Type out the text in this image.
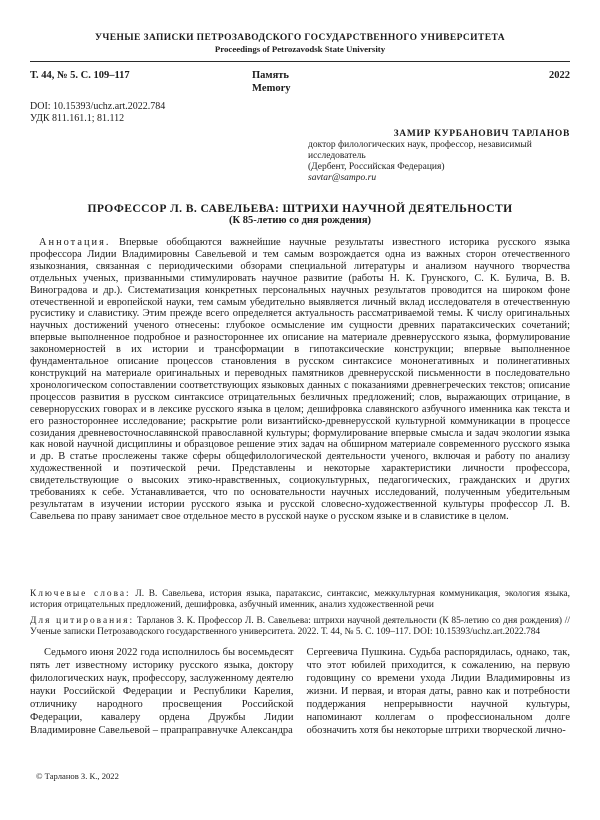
УЧЕНЫЕ ЗАПИСКИ ПЕТРОЗАВОДСКОГО ГОСУДАРСТВЕННОГО УНИВЕРСИТЕТА
Proceedings of Petrozavodsk State University
Т. 44, № 5. С. 109–117	Память
Memory
2022
DOI: 10.15393/uchz.art.2022.784
УДК 811.161.1; 81.112
ЗАМИР КУРБАНОВИЧ ТАРЛАНОВ
доктор филологических наук, профессор, независимый исследователь
(Дербент, Российская Федерация)
savtar@sampo.ru
ПРОФЕССОР Л. В. САВЕЛЬЕВА: ШТРИХИ НАУЧНОЙ ДЕЯТЕЛЬНОСТИ
(К 85-летию со дня рождения)
Аннотация. Впервые обобщаются важнейшие научные результаты известного историка русского языка профессора Лидии Владимировны Савельевой и тем самым возрождается одна из важных сторон отечественного языкознания, связанная с периодическими обзорами специальной литературы и анализом научного творчества отдельных ученых, призванными стимулировать научное развитие (работы Н. К. Грунского, С. К. Булича, В. В. Виноградова и др.). Систематизация конкретных персональных научных результатов проводится на широком фоне отечественной и европейской науки, тем самым убедительно выявляется личный вклад исследователя в отечественную русистику и славистику. Этим прежде всего определяется актуальность рассматриваемой темы. К числу оригинальных научных достижений ученого отнесены: глубокое осмысление им сущности древних паратаксических сочетаний; впервые выполненное подробное и разностороннее их описание на материале древнерусского языка, формулирование закономерностей в их истории и трансформации в гипотаксические конструкции; впервые выполненное фундаментальное описание процессов становления в русском синтаксисе мононегативных и полинегативных конструкций на материале оригинальных и переводных памятников древнерусской письменности в последовательно хронологическом сопоставлении соответствующих языковых данных с показаниями древнегреческих текстов; описание процессов развития в русском синтаксисе отрицательных безличных предложений; слов, выражающих отрицание, в севернорусских говорах и в лексике русского языка в целом; дешифровка славянского азбучного именника как текста и его разностороннее исследование; раскрытие роли византийско-древнерусской культурной коммуникации в процессе созидания древневосточнославянской православной культуры; формулирование впервые смысла и задач экологии языка как новой научной дисциплины и образцовое решение этих задач на обширном материале современного русского языка и др. В статье прослежены также сферы общефилологической деятельности ученого, включая и работу по анализу художественной и поэтической речи. Представлены и некоторые характеристики личности профессора, свидетельствующие о высоких этико-нравственных, социокультурных, педагогических, гражданских и других требованиях к себе. Устанавливается, что по основательности научных исследований, полученным убедительным результатам в изучении истории русского языка и русской словесно-художественной культуры профессор Л. В. Савельева по праву занимает свое отдельное место в русской науке о русском языке и в славистике в целом.
Ключевые слова: Л. В. Савельева, история языка, паратаксис, синтаксис, межкультурная коммуникация, экология языка, история отрицательных предложений, дешифровка, азбучный именник, анализ художественной речи
Для цитирования: Тарланов З. К. Профессор Л. В. Савельева: штрихи научной деятельности (К 85-летию со дня рождения) // Ученые записки Петрозаводского государственного университета. 2022. Т. 44, № 5. С. 109–117. DOI: 10.15393/uchz.art.2022.784
Седьмого июня 2022 года исполнилось бы восемьдесят пять лет известному историку русского языка, доктору филологических наук, профессору, заслуженному деятелю науки Российской Федерации и Республики Карелия, отличнику народного просвещения Российской Федерации, кавалеру ордена Дружбы Лидии Владимировне Савельевой – прапраправнучке Александра
Сергеевича Пушкина. Судьба распорядилась, однако, так, что этот юбилей приходится, к сожалению, на первую годовщину со времени ухода Лидии Владимировны из жизни. И первая, и вторая даты, равно как и потребности поддержания непрерывности научной культуры, напоминают коллегам о профессиональном долге обозначить хотя бы некоторые штрихи творческой лично-
© Тарланов З. К., 2022
